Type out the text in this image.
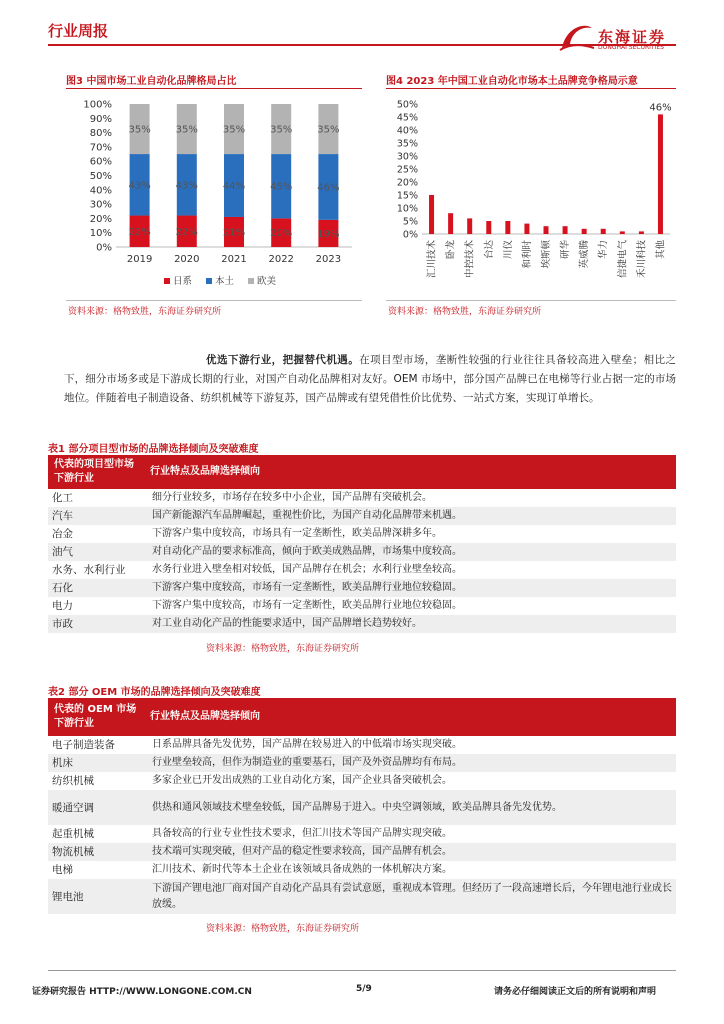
行业周报	东海证券
DONGHAI SECURITIES
图3 中国市场工业自动化品牌格局占比
0%
10%
20%
30%
40%
50%
60%
70%
80%
90%
100%
22%
43%
35%
2019
22%
43%
35%
2020
21%
44%
35%
2021
20%
45%
35%
2022
19%
46%
35%
2023
日系 本土 欧美
资料来源：格物致胜，东海证券研究所
图4 2023 年中国工业自动化市场本土品牌竞争格局示意
0%
5%
10%
15%
20%
25%
30%
35%
40%
45%
50%
汇川技术 卧龙 中控技术 台达 川仪 和利时 埃斯顿 研华 英威腾 华力 信捷电气 禾川科技
46%
其他
资料来源：格物致胜，东海证券研究所
优选下游行业，把握替代机遇。在项目型市场，垄断性较强的行业往往具备较高进入壁垒；相比之下，细分市场多或是下游成长期的行业，对国产自动化品牌相对友好。OEM 市场中，部分国产品牌已在电梯等行业占据一定的市场地位。伴随着电子制造设备、纺织机械等下游复苏，国产品牌或有望凭借性价比优势、一站式方案，实现订单增长。
表1 部分项目型市场的品牌选择倾向及突破难度
代表的项目型市场下游行业	行业特点及品牌选择倾向
化工	细分行业较多，市场存在较多中小企业，国产品牌有突破机会。
汽车	国产新能源汽车品牌崛起，重视性价比，为国产自动化品牌带来机遇。
冶金	下游客户集中度较高，市场具有一定垄断性，欧美品牌深耕多年。
油气	对自动化产品的要求标准高，倾向于欧美成熟品牌，市场集中度较高。
水务、水利行业	水务行业进入壁垒相对较低，国产品牌存在机会；水利行业壁垒较高。
石化	下游客户集中度较高，市场有一定垄断性，欧美品牌行业地位较稳固。
电力	下游客户集中度较高，市场有一定垄断性，欧美品牌行业地位较稳固。
市政	对工业自动化产品的性能要求适中，国产品牌增长趋势较好。
资料来源：格物致胜，东海证券研究所
表2 部分 OEM 市场的品牌选择倾向及突破难度
代表的 OEM 市场下游行业	行业特点及品牌选择倾向
电子制造装备	日系品牌具备先发优势，国产品牌在较易进入的中低端市场实现突破。
机床	行业壁垒较高，但作为制造业的重要基石，国产及外资品牌均有布局。
纺织机械	多家企业已开发出成熟的工业自动化方案，国产企业具备突破机会。
暖通空调	供热和通风领域技术壁垒较低，国产品牌易于进入。中央空调领域，欧美品牌具备先发优势。
起重机械	具备较高的行业专业性技术要求，但汇川技术等国产品牌实现突破。
物流机械	技术端可实现突破，但对产品的稳定性要求较高，国产品牌有机会。
电梯	汇川技术、新时代等本土企业在该领域具备成熟的一体机解决方案。
锂电池	下游国产锂电池厂商对国产自动化产品具有尝试意愿，重视成本管理。但经历了一段高速增长后，今年锂电池行业成长放缓。
资料来源：格物致胜，东海证券研究所
证券研究报告 HTTP://WWW.LONGONE.COM.CN	5/9	请务必仔细阅读正文后的所有说明和声明
